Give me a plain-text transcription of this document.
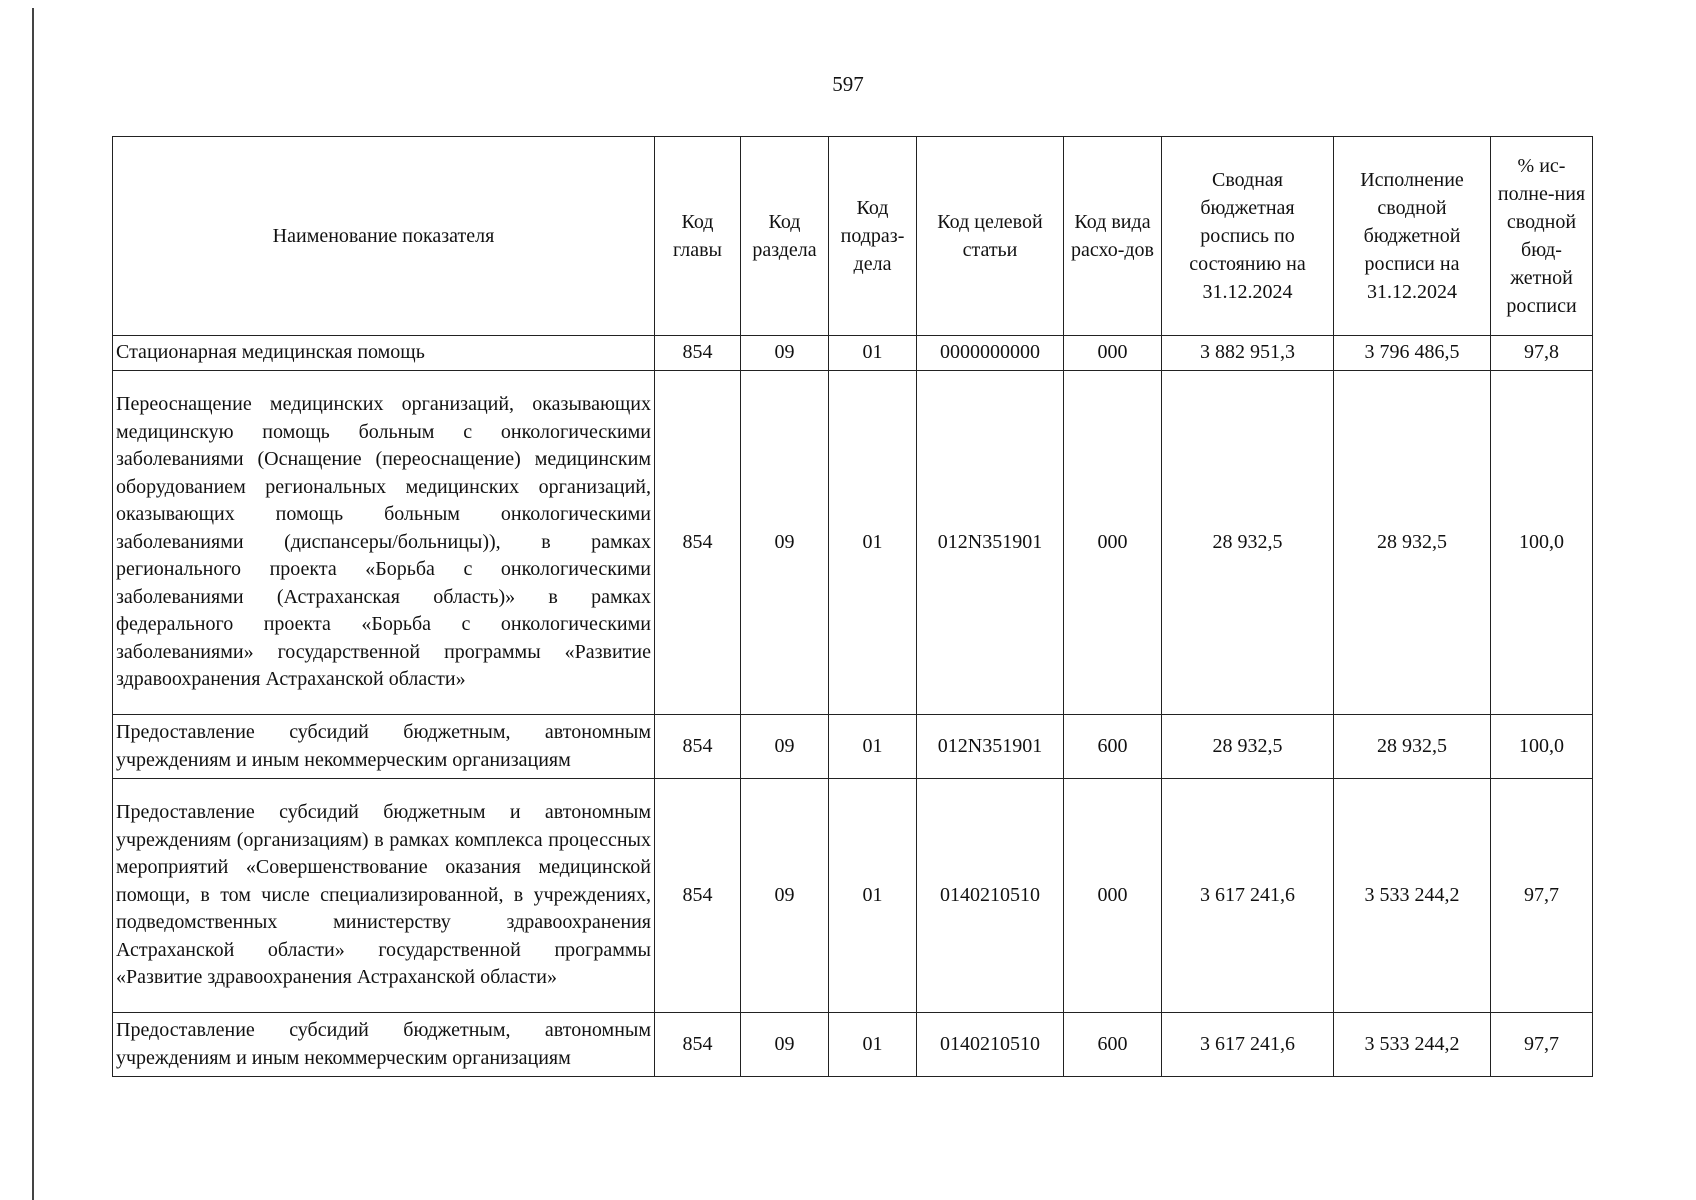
597
Наименование показателя	Код главы	Код раздела	Код подраз-дела	Код целевой статьи	Код вида расхо-дов	Сводная бюджетная роспись по состоянию на 31.12.2024	Исполнение сводной бюджетной росписи на 31.12.2024	% ис-полне-ния сводной бюд-жетной росписи
Стационарная медицинская помощь	854	09	01	0000000000	000	3 882 951,3	3 796 486,5	97,8
Переоснащение медицинских организаций, оказывающих медицинскую помощь больным с онкологическими заболеваниями (Оснащение (переоснащение) медицинским оборудованием региональных медицинских организаций, оказывающих помощь больным онкологическими заболеваниями (диспансеры/больницы)), в рамках регионального проекта «Борьба с онкологическими заболеваниями (Астраханская область)» в рамках федерального проекта «Борьба с онкологическими заболеваниями» государственной программы «Развитие здравоохранения Астраханской области»	854	09	01	012N351901	000	28 932,5	28 932,5	100,0
Предоставление субсидий бюджетным, автономным учреждениям и иным некоммерческим организациям	854	09	01	012N351901	600	28 932,5	28 932,5	100,0
Предоставление субсидий бюджетным и автономным учреждениям (организациям) в рамках комплекса процессных мероприятий «Совершенствование оказания медицинской помощи, в том числе специализированной, в учреждениях, подведомственных министерству здравоохранения Астраханской области» государственной программы «Развитие здравоохранения Астраханской области»	854	09	01	0140210510	000	3 617 241,6	3 533 244,2	97,7
Предоставление субсидий бюджетным, автономным учреждениям и иным некоммерческим организациям	854	09	01	0140210510	600	3 617 241,6	3 533 244,2	97,7
